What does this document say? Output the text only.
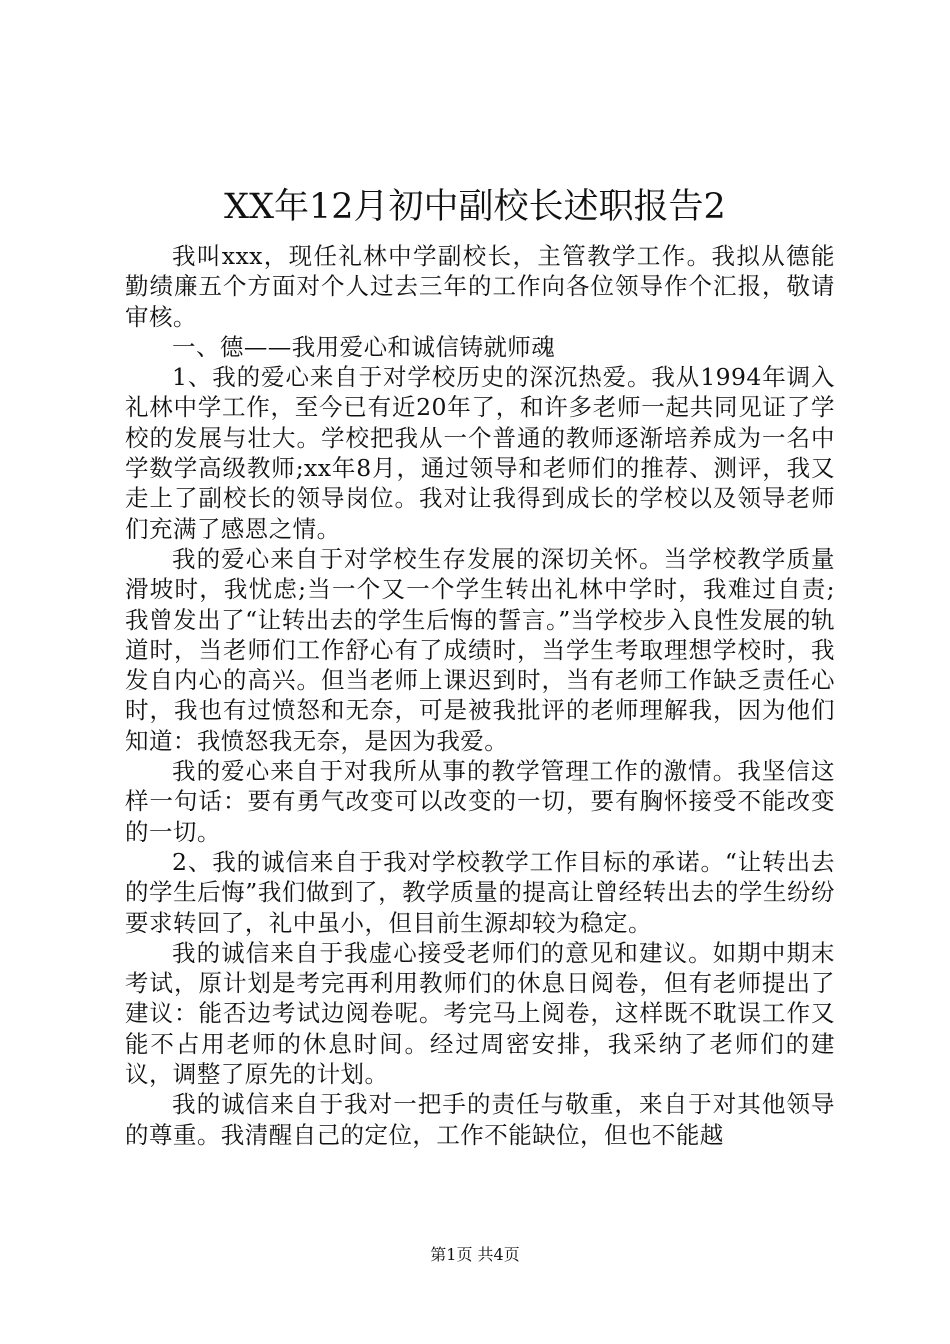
XX年12月初中副校长述职报告2

我叫xxx，现任礼林中学副校长，主管教学工作。我拟从德能勤绩廉五个方面对个人过去三年的工作向各位领导作个汇报，敬请审核。

一、德——我用爱心和诚信铸就师魂

1、我的爱心来自于对学校历史的深沉热爱。我从1994年调入礼林中学工作，至今已有近20年了，和许多老师一起共同见证了学校的发展与壮大。学校把我从一个普通的教师逐渐培养成为一名中学数学高级教师;xx年8月，通过领导和老师们的推荐、测评，我又走上了副校长的领导岗位。我对让我得到成长的学校以及领导老师们充满了感恩之情。

我的爱心来自于对学校生存发展的深切关怀。当学校教学质量滑坡时，我忧虑;当一个又一个学生转出礼林中学时，我难过自责;我曾发出了“让转出去的学生后悔的誓言。”当学校步入良性发展的轨道时，当老师们工作舒心有了成绩时，当学生考取理想学校时，我发自内心的高兴。但当老师上课迟到时，当有老师工作缺乏责任心时，我也有过愤怒和无奈，可是被我批评的老师理解我，因为他们知道：我愤怒我无奈，是因为我爱。

我的爱心来自于对我所从事的教学管理工作的激情。我坚信这样一句话：要有勇气改变可以改变的一切，要有胸怀接受不能改变的一切。

2、我的诚信来自于我对学校教学工作目标的承诺。“让转出去的学生后悔”我们做到了，教学质量的提高让曾经转出去的学生纷纷要求转回了，礼中虽小，但目前生源却较为稳定。

我的诚信来自于我虚心接受老师们的意见和建议。如期中期末考试，原计划是考完再利用教师们的休息日阅卷，但有老师提出了建议：能否边考试边阅卷呢。考完马上阅卷，这样既不耽误工作又能不占用老师的休息时间。经过周密安排，我采纳了老师们的建议，调整了原先的计划。

我的诚信来自于我对一把手的责任与敬重，来自于对其他领导的尊重。我清醒自己的定位，工作不能缺位，但也不能越

第1页 共4页
